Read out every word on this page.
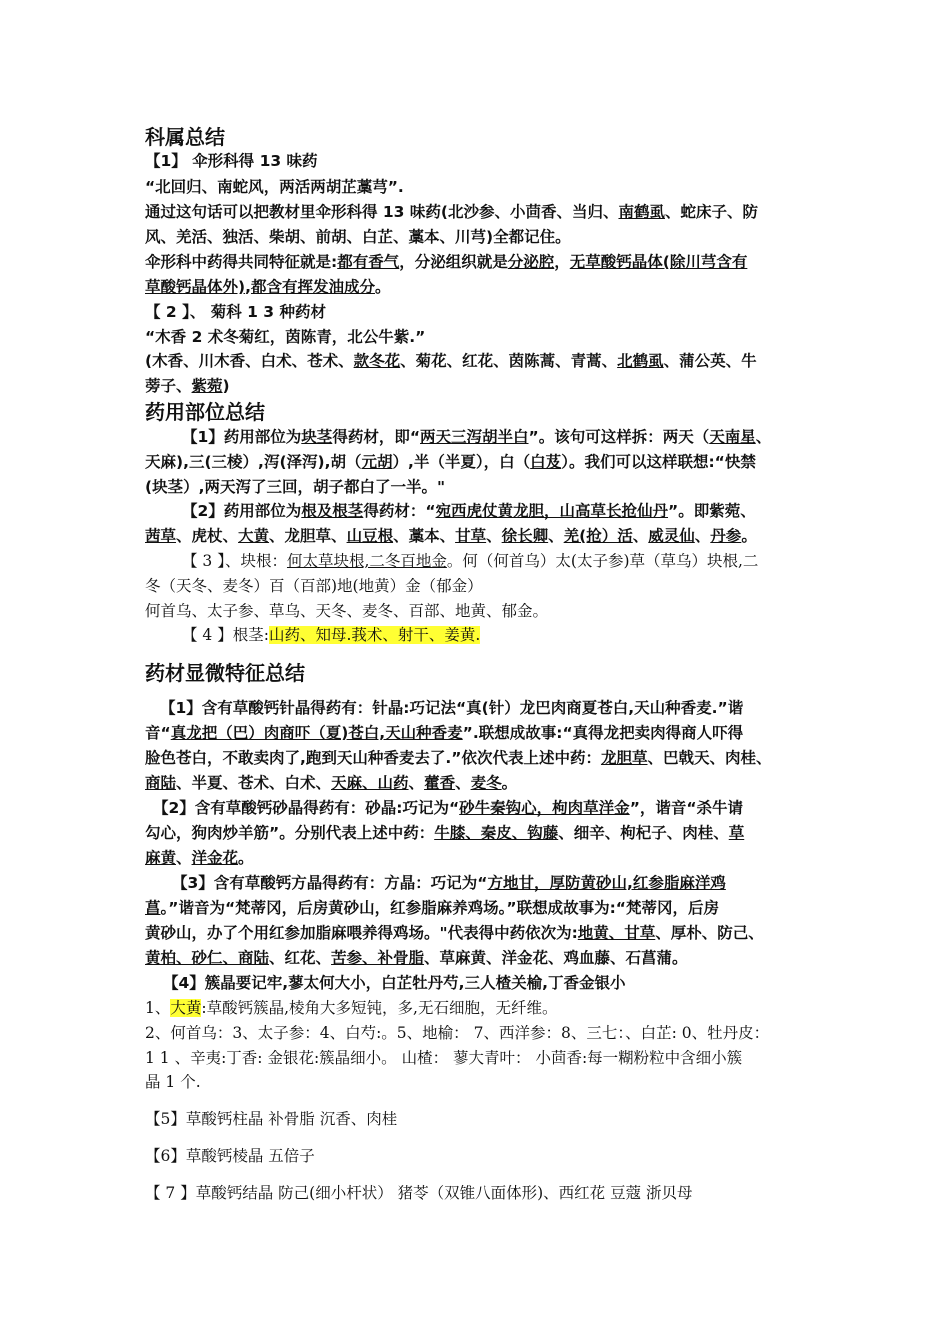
科属总结
【1】 伞形科得 13 味药
“北回归、南蛇风，两活两胡芷藁芎”.
通过这句话可以把教材里伞形科得 13 味药(北沙参、小茴香、当归、南鹤虱、蛇床子、防
风、羌活、独活、柴胡、前胡、白芷、藁本、川芎)全都记住。
伞形科中药得共同特征就是:都有香气，分泌组织就是分泌腔，无草酸钙晶体(除川芎含有
草酸钙晶体外),都含有挥发油成分。
【 2 】、 菊科 1 3 种药材
“木香 2 术冬菊红，茵陈青，北公牛紫.”
(木香、川木香、白术、苍术、款冬花、菊花、红花、茵陈蒿、青蒿、北鹤虱、蒲公英、牛
蒡子、紫菀)
药用部位总结
【1】药用部位为块茎得药材，即“两天三泻胡半白”。该句可这样拆：两天（天南星、
天麻),三(三棱）,泻(泽泻),胡（元胡）,半（半夏），白（白芨）。我们可以这样联想:“快禁
(块茎）,两天泻了三回，胡子都白了一半。"
【2】药用部位为根及根茎得药材：“宛西虎仗黄龙胆，山高草长抢仙丹”。即紫菀、
茜草、虎杖、大黄、龙胆草、山豆根、藁本、甘草、徐长卿、羌(抢）活、威灵仙、丹参。
【 3 】、块根：何太草块根,二冬百地金。何（何首乌）太(太子参)草（草乌）块根,二
冬（天冬、麦冬）百（百部)地(地黄）金（郁金）
何首乌、太子参、草乌、天冬、麦冬、百部、地黄、郁金。
【 4 】根茎:山药、知母.莪术、射干、姜黄.
药材显微特征总结
【1】含有草酸钙针晶得药有：针晶:巧记法“真(针）龙巴肉商夏苍白,天山种香麦.”谐
音“真龙把（巴）肉商吓（夏)苍白,天山种香麦”.联想成故事:“真得龙把卖肉得商人吓得
脸色苍白，不敢卖肉了,跑到天山种香麦去了.”依次代表上述中药：龙胆草、巴戟天、肉桂、
商陆、半夏、苍术、白术、天麻、山药、藿香、麦冬。
【2】含有草酸钙砂晶得药有：砂晶:巧记为“砂牛秦钩心，枸肉草洋金”，谐音“杀牛请
勾心，狗肉炒羊筋”。分别代表上述中药：牛膝、秦皮、钩藤、细辛、枸杞子、肉桂、草
麻黄、洋金花。
【3】含有草酸钙方晶得药有：方晶：巧记为“方地甘，厚防黄砂山,红参脂麻洋鸡
菖。”谐音为“梵蒂冈，后房黄砂山，红参脂麻养鸡场。”联想成故事为:“梵蒂冈，后房
黄砂山，办了个用红参加脂麻喂养得鸡场。"代表得中药依次为:地黄、甘草、厚朴、防己、
黄柏、砂仁、商陆、红花、苦参、补骨脂、草麻黄、洋金花、鸡血藤、石菖蒲。
【4】簇晶要记牢,蓼太何大小，白芷牡丹芍,三人楂关榆,丁香金银小
1、大黄:草酸钙簇晶,棱角大多短钝，多,无石细胞，无纤维。
2、何首乌：3、太子参：4、白芍:。5、地榆： 7、西洋参：8、三七：、白芷: 0、牡丹皮：
1 1 、辛夷:丁香: 金银花:簇晶细小。 山楂： 蓼大青叶： 小茴香:每一糊粉粒中含细小簇
晶 1 个.
【5】草酸钙柱晶 补骨脂 沉香、肉桂
【6】草酸钙棱晶 五倍子
【 7 】草酸钙结晶 防己(细小杆状） 猪苓（双锥八面体形)、西红花 豆蔻 浙贝母
